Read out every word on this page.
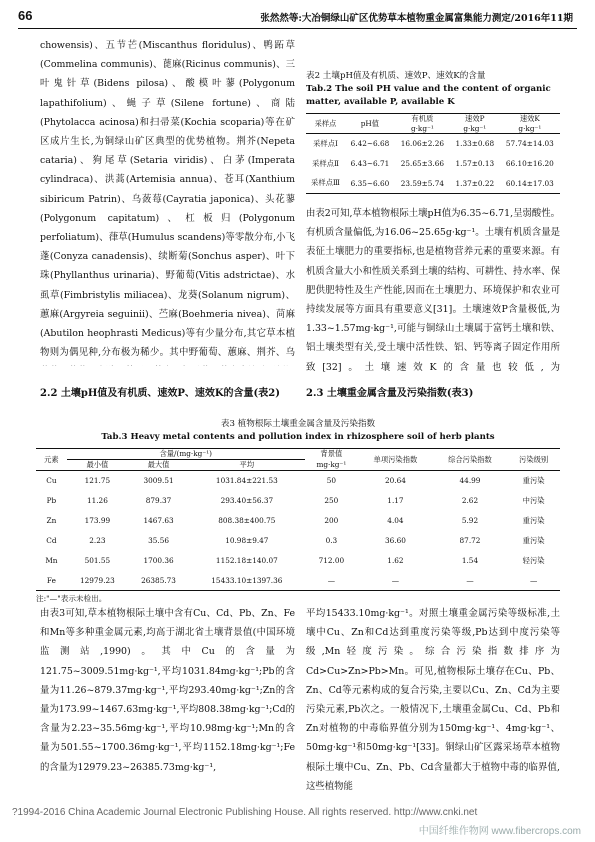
66	张然然等:大冶铜绿山矿区优势草本植物重金属富集能力测定/2016年11期

chowensis)、五节芒(Miscanthus floridulus)、鸭跖草(Commelina communis)、蓖麻(Ricinus communis)、三叶鬼针草(Bidens pilosa)、酸模叶蓼(Polygonum lapathifolium)、蝇子草(Silene fortune)、商陆(Phytolacca acinosa)和扫帚菜(Kochia scoparia)等在矿区成片生长,为铜绿山矿区典型的优势植物。荆芥(Nepeta cataria)、狗尾草(Setaria viridis)、白茅(Imperata cylindraca)、洪蒿(Artemisia annua)、苍耳(Xanthium sibiricum Patrin)、乌蔹莓(Cayratia japonica)、头花蓼(Polygonum capitatum)、杠板归(Polygonum perfoliatum)、葎草(Humulus scandens)等零散分布,小飞蓬(Conyza canadensis)、续断菊(Sonchus asper)、叶下珠(Phyllanthus urinaria)、野葡萄(Vitis adstrictae)、水虱草(Fimbristylis miliacea)、龙葵(Solanum nigrum)、蕙麻(Argyreia seguinii)、苎麻(Boehmeria nivea)、苘麻(Abutilon heophrasti Medicus)等有少量分布,其它草本植物则为偶见种,分布极为稀少。其中野葡萄、蕙麻、荆芥、乌

2.2 土壤pH值及有机质、速效P、速效K的含量(表2)
表2 土壤pH值及有机质、速效P、速效K的含量
Tab.2 The soil PH value and the content of organic matter, available P, available K
采样点	pH值	有机质	速效P	速效K
		g·kg⁻¹	g·kg⁻¹	g·kg⁻¹
采样点Ⅰ	6.42~6.68	16.06±2.26	1.33±0.68	57.74±14.03
采样点Ⅱ	6.43~6.71	25.65±3.66	1.57±0.13	66.10±16.20
采样点Ⅲ	6.35~6.60	23.59±5.74	1.37±0.22	60.14±17.03

由表2可知,草本植物根际土壤pH值为6.35~6.71,呈弱酸性。有机质含量偏低,为16.06~25.65g·kg⁻¹。土壤有机质含量是表征土壤肥力的重要指标,也是植物营养元素的重要来源。有机质含量大小和性质关系到土壤的结构、可耕性、持水率、保肥供肥特性及生产性能,因而在土壤肥力、环境保护和农业可持续发展等方面具有重要意义[31]。土壤速效P含量极低,为1.33~1.57mg·kg⁻¹,可能与铜绿山土壤属于富钙土壤和铁、铝土壤类型有关,受土壤中活性铁、铝、钙等离子固定作用所致[32]。土壤速效K的含量也较低,为

2.3 土壤重金属含量及污染指数(表3)
表3 植物根际土壤重金属含量及污染指数
Tab.3 Heavy metal contents and pollution index in rhizosphere soil of herb plants
元素	含量/(mg·kg⁻¹)			背景值	单项污染指数	综合污染指数	污染级别
	最小值	最大值	平均	mg·kg⁻¹			
Cu	121.75	3009.51	1031.84±221.53	50	20.64	44.99	重污染
Pb	11.26	879.37	293.40±56.37	250	1.17	2.62	中污染
Zn	173.99	1467.63	808.38±400.75	200	4.04	5.92	重污染
Cd	2.23	35.56	10.98±9.47	0.3	36.60	87.72	重污染
Mn	501.55	1700.36	1152.18±140.07	712.00	1.62	1.54	轻污染
Fe	12979.23	26385.73	15433.10±1397.36	—	—	—	—
注:"—"表示未检出。

由表3可知,草本植物根际土壤中含有Cu、Cd、Pb、Zn、Fe和Mn等多种重金属元素,均高于湖北省土壤背景值(中国环境监测站,1990)。其中Cu的含量为121.75~3009.51mg·kg⁻¹,平均1031.84mg·kg⁻¹;Pb的含量为11.26~879.37mg·kg⁻¹,平均293.40mg·kg⁻¹;Zn的含量为173.99~1467.63mg·kg⁻¹,平均808.38mg·kg⁻¹;Cd的含量为2.23~35.56mg·kg⁻¹,平均10.98mg·kg⁻¹;Mn的含量为501.55~1700.36mg·kg⁻¹,平均1152.18mg·kg⁻¹;Fe的含量为12979.23~26385.73mg·kg⁻¹,

平均15433.10mg·kg⁻¹。对照土壤重金属污染等级标准,土壤中Cu、Zn和Cd达到重度污染等级,Pb达到中度污染等级,Mn轻度污染。综合污染指数排序为Cd>Cu>Zn>Pb>Mn。可见,植物根际土壤存在Cu、Pb、Zn、Cd等元素构成的复合污染,主要以Cu、Zn、Cd为主要污染元素,Pb次之。一般情况下,土壤重金属Cu、Cd、Pb和Zn对植物的中毒临界值分别为150mg·kg⁻¹、4mg·kg⁻¹、50mg·kg⁻¹和50mg·kg⁻¹[33]。铜绿山矿区露采场草本植物根际土壤中Cu、Zn、Pb、Cd含量都大于植物中毒的临界值,这些植物能

?1994-2016 China Academic Journal Electronic Publishing House. All rights reserved. http://www.cnki.net
中国纤维作物网 www.fibercrops.com
